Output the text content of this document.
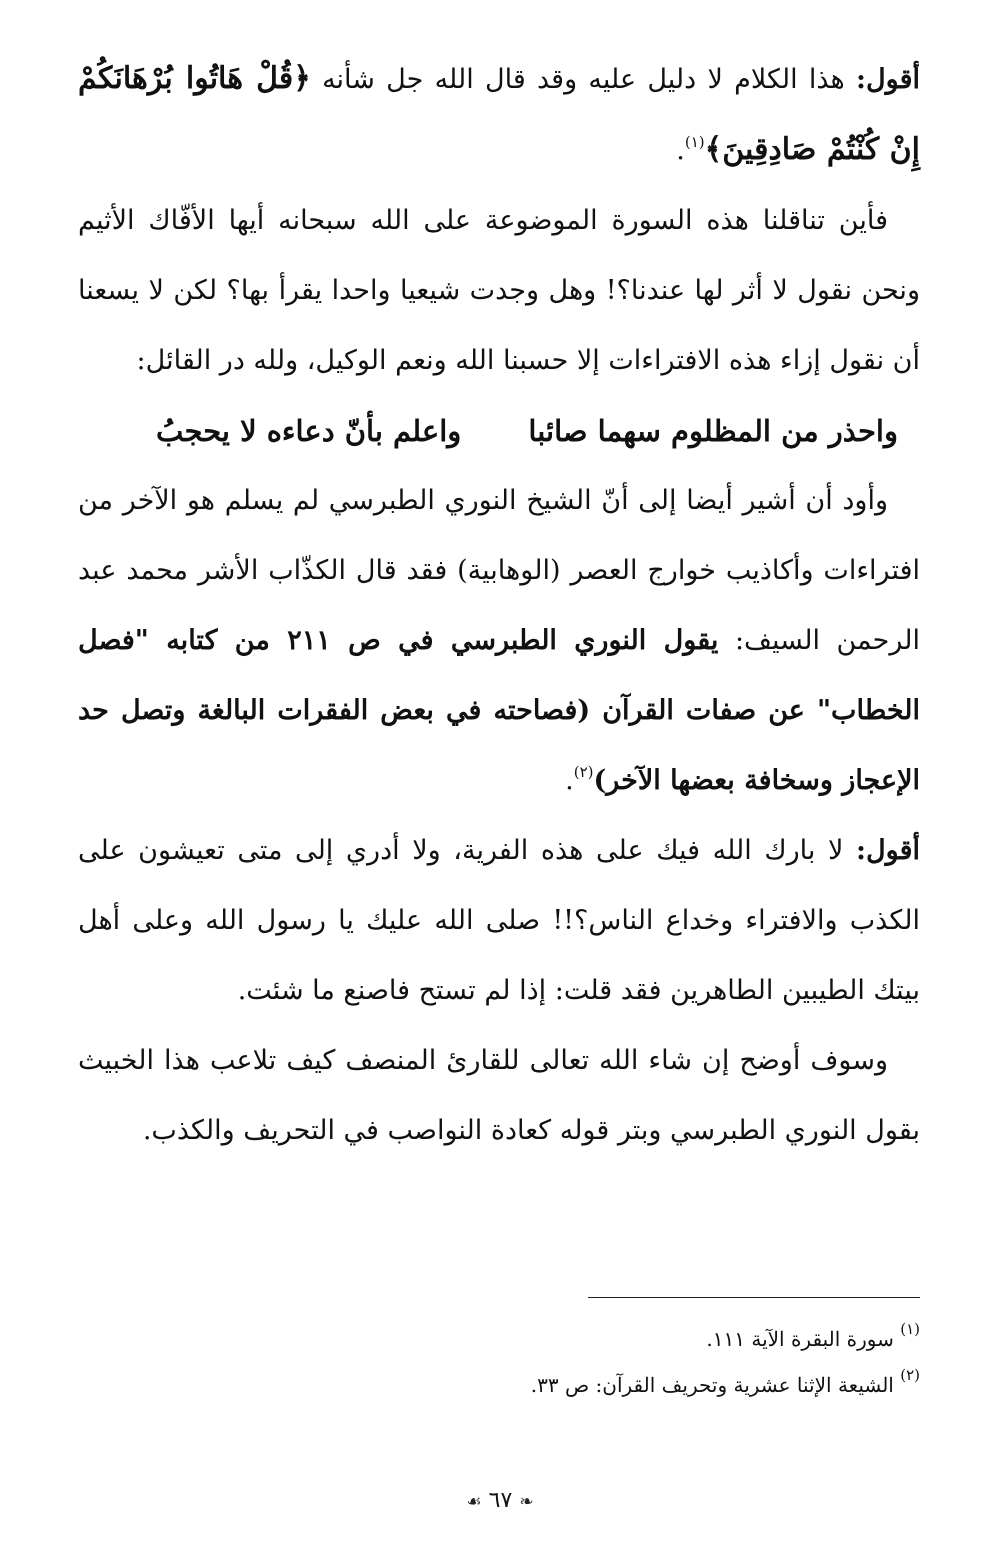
أقول: هذا الكلام لا دليل عليه وقد قال الله جل شأنه ﴿قُلْ هَاتُوا بُرْهَانَكُمْ إِنْ كُنْتُمْ صَادِقِينَ﴾$^{(١)}$.

فأين تناقلنا هذه السورة الموضوعة على الله سبحانه أيها الأفّاك الأثيم ونحن نقول لا أثر لها عندنا؟! وهل وجدت شيعيا واحدا يقرأ بها؟ لكن لا يسعنا أن نقول إزاء هذه الافتراءات إلا حسبنا الله ونعم الوكيل، ولله در القائل:

واحذر من المظلوم سهما صائبا
واعلم بأنّ دعاءه لا يحجبُ

وأود أن أشير أيضا إلى أنّ الشيخ النوري الطبرسي لم يسلم هو الآخر من افتراءات وأكاذيب خوارج العصر (الوهابية) فقد قال الكذّاب الأشر محمد عبد الرحمن السيف: يقول النوري الطبرسي في ص ٢١١ من كتابه "فصل الخطاب" عن صفات القرآن (فصاحته في بعض الفقرات البالغة وتصل حد الإعجاز وسخافة بعضها الآخر)$^{(٢)}$.

أقول: لا بارك الله فيك على هذه الفرية، ولا أدري إلى متى تعيشون على الكذب والافتراء وخداع الناس؟!! صلى الله عليك يا رسول الله وعلى أهل بيتك الطيبين الطاهرين فقد قلت: إذا لم تستح فاصنع ما شئت.

وسوف أوضح إن شاء الله تعالى للقارئ المنصف كيف تلاعب هذا الخبيث بقول النوري الطبرسي وبتر قوله كعادة النواصب في التحريف والكذب.

$^{(١)}$ سورة البقرة الآية ١١١.

$^{(٢)}$ الشيعة الإثنا عشرية وتحريف القرآن: ص ٣٣.

❧ ٦٧ ☙
